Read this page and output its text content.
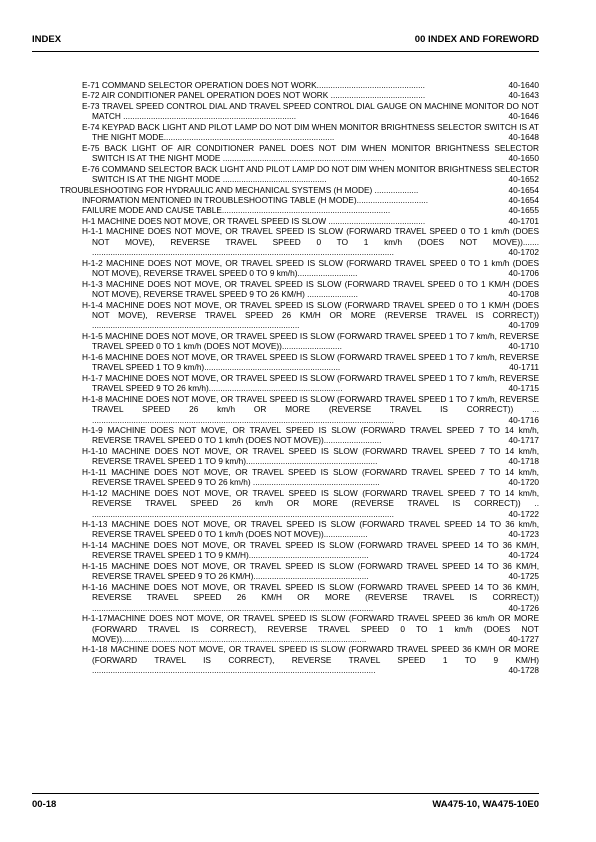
INDEX	00 INDEX AND FOREWORD
E-71 COMMAND SELECTOR OPERATION DOES NOT WORK...............................................	40-1640
E-72 AIR CONDITIONER PANEL OPERATION DOES NOT WORK .........................................	40-1643
E-73 TRAVEL SPEED CONTROL DIAL AND TRAVEL SPEED CONTROL DIAL GAUGE ON MACHINE MONITOR DO NOT MATCH ...........................................................................	40-1646
E-74 KEYPAD BACK LIGHT AND PILOT LAMP DO NOT DIM WHEN MONITOR BRIGHTNESS SELECTOR SWITCH IS AT THE NIGHT MODE..........................................................................	40-1648
E-75 BACK LIGHT OF AIR CONDITIONER PANEL DOES NOT DIM WHEN MONITOR BRIGHTNESS SELECTOR SWITCH IS AT THE NIGHT MODE ......................................................................	40-1650
E-76 COMMAND SELECTOR BACK LIGHT AND PILOT LAMP DO NOT DIM WHEN MONITOR BRIGHTNESS SELECTOR SWITCH IS AT THE NIGHT MODE .............................................	40-1652
TROUBLESHOOTING FOR HYDRAULIC AND MECHANICAL SYSTEMS (H MODE) ...................	40-1654
INFORMATION MENTIONED IN TROUBLESHOOTING TABLE (H MODE)...............................	40-1654
FAILURE MODE AND CAUSE TABLE.........................................................................	40-1655
H-1 MACHINE DOES NOT MOVE, OR TRAVEL SPEED IS SLOW ..........................................	40-1701
H-1-1 MACHINE DOES NOT MOVE, OR TRAVEL SPEED IS SLOW (FORWARD TRAVEL SPEED 0 TO 1 km/h (DOES NOT MOVE), REVERSE TRAVEL SPEED 0 TO 1 km/h (DOES NOT MOVE))....... ...................................................................................................................................	40-1702
H-1-2 MACHINE DOES NOT MOVE, OR TRAVEL SPEED IS SLOW (FORWARD TRAVEL SPEED 0 TO 1 km/h (DOES NOT MOVE), REVERSE TRAVEL SPEED 0 TO 9 km/h)..........................	40-1706
H-1-3 MACHINE DOES NOT MOVE, OR TRAVEL SPEED IS SLOW (FORWARD TRAVEL SPEED 0 TO 1 KM/H (DOES NOT MOVE), REVERSE TRAVEL SPEED 9 TO 26 KM/H) ......................	40-1708
H-1-4 MACHINE DOES NOT MOVE, OR TRAVEL SPEED IS SLOW (FORWARD TRAVEL SPEED 0 TO 1 KM/H (DOES NOT MOVE), REVERSE TRAVEL SPEED 26 KM/H OR MORE (REVERSE TRAVEL IS CORRECT)) ..........................................................................................	40-1709
H-1-5 MACHINE DOES NOT MOVE, OR TRAVEL SPEED IS SLOW (FORWARD TRAVEL SPEED 1 TO 7 km/h, REVERSE TRAVEL SPEED 0 TO 1 km/h (DOES NOT MOVE))..........................	40-1710
H-1-6 MACHINE DOES NOT MOVE, OR TRAVEL SPEED IS SLOW (FORWARD TRAVEL SPEED 1 TO 7 km/h, REVERSE TRAVEL SPEED 1 TO 9 km/h)...........................................................	40-1711
H-1-7 MACHINE DOES NOT MOVE, OR TRAVEL SPEED IS SLOW (FORWARD TRAVEL SPEED 1 TO 7 km/h, REVERSE TRAVEL SPEED 9 TO 26 km/h)..........................................................	40-1715
H-1-8 MACHINE DOES NOT MOVE, OR TRAVEL SPEED IS SLOW (FORWARD TRAVEL SPEED 1 TO 7 km/h, REVERSE TRAVEL SPEED 26 km/h OR MORE (REVERSE TRAVEL IS CORRECT)) ... ...................................................................................................................................	40-1716
H-1-9 MACHINE DOES NOT MOVE, OR TRAVEL SPEED IS SLOW (FORWARD TRAVEL SPEED 7 TO 14 km/h, REVERSE TRAVEL SPEED 0 TO 1 km/h (DOES NOT MOVE)).........................	40-1717
H-1-10 MACHINE DOES NOT MOVE, OR TRAVEL SPEED IS SLOW (FORWARD TRAVEL SPEED 7 TO 14 km/h, REVERSE TRAVEL SPEED 1 TO 9 km/h).........................................................	40-1718
H-1-11 MACHINE DOES NOT MOVE, OR TRAVEL SPEED IS SLOW (FORWARD TRAVEL SPEED 7 TO 14 km/h, REVERSE TRAVEL SPEED 9 TO 26 km/h) .......................................................	40-1720
H-1-12 MACHINE DOES NOT MOVE, OR TRAVEL SPEED IS SLOW (FORWARD TRAVEL SPEED 7 TO 14 km/h, REVERSE TRAVEL SPEED 26 km/h OR MORE (REVERSE TRAVEL IS CORRECT)) .. ...................................................................................................................................	40-1722
H-1-13 MACHINE DOES NOT MOVE, OR TRAVEL SPEED IS SLOW (FORWARD TRAVEL SPEED 14 TO 36 km/h, REVERSE TRAVEL SPEED 0 TO 1 km/h (DOES NOT MOVE))...................	40-1723
H-1-14 MACHINE DOES NOT MOVE, OR TRAVEL SPEED IS SLOW (FORWARD TRAVEL SPEED 14 TO 36 KM/H, REVERSE TRAVEL SPEED 1 TO 9 KM/H)....................................................	40-1724
H-1-15 MACHINE DOES NOT MOVE, OR TRAVEL SPEED IS SLOW (FORWARD TRAVEL SPEED 14 TO 36 KM/H, REVERSE TRAVEL SPEED 9 TO 26 KM/H)..................................................	40-1725
H-1-16 MACHINE DOES NOT MOVE, OR TRAVEL SPEED IS SLOW (FORWARD TRAVEL SPEED 14 TO 36 KM/H, REVERSE TRAVEL SPEED 26 KM/H OR MORE (REVERSE TRAVEL IS CORRECT)) ..........................................................................................................................	40-1726
H-1-17MACHINE DOES NOT MOVE, OR TRAVEL SPEED IS SLOW (FORWARD TRAVEL SPEED 36 km/h OR MORE (FORWARD TRAVEL IS CORRECT), REVERSE TRAVEL SPEED 0 TO 1 km/h (DOES NOT MOVE))..........................................................................................................	40-1727
H-1-18 MACHINE DOES NOT MOVE, OR TRAVEL SPEED IS SLOW (FORWARD TRAVEL SPEED 36 KM/H OR MORE (FORWARD TRAVEL IS CORRECT), REVERSE TRAVEL SPEED 1 TO 9 KM/H) ...........................................................................................................................	40-1728
00-18	WA475-10, WA475-10E0
